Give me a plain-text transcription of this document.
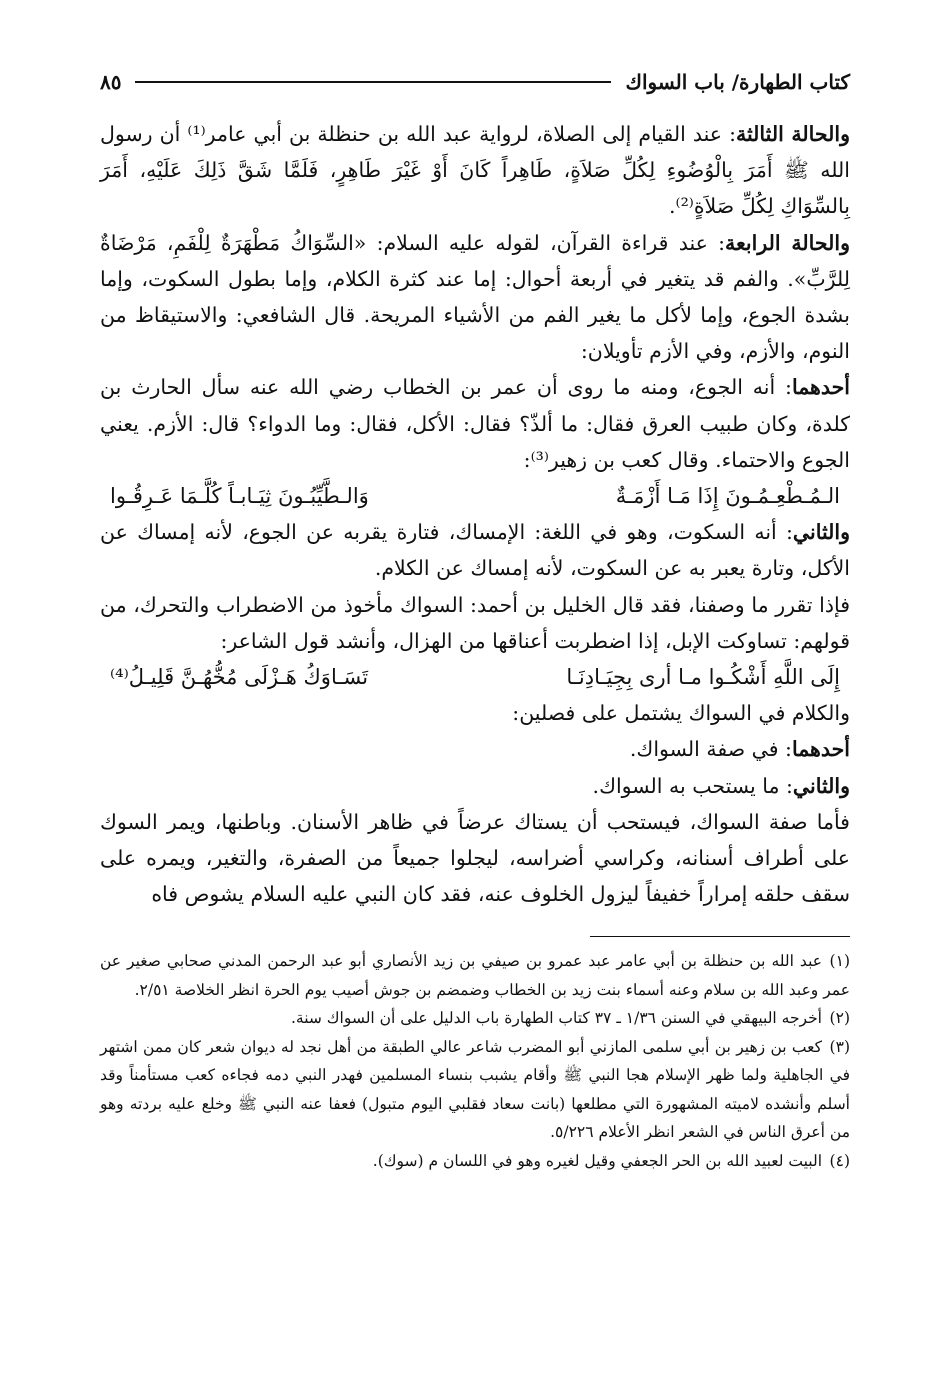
كتاب الطهارة/ باب السواك
٨٥

والحالة الثالثة: عند القيام إلى الصلاة، لرواية عبد الله بن حنظلة بن أبي عامر⁽¹⁾ أن رسول الله ﷺ أَمَرَ بِالْوُضُوءِ لِكُلِّ صَلاَةٍ، طَاهِراً كَانَ أَوْ غَيْرَ طَاهِرٍ، فَلَمَّا شَقَّ ذَلِكَ عَلَيْهِ، أَمَرَ بِالسِّوَاكِ لِكُلِّ صَلاَةٍ⁽²⁾.

والحالة الرابعة: عند قراءة القرآن، لقوله عليه السلام: «السِّوَاكُ مَطْهَرَةٌ لِلْفَمِ، مَرْضَاةٌ لِلرَّبِّ». والفم قد يتغير في أربعة أحوال: إما عند كثرة الكلام، وإما بطول السكوت، وإما بشدة الجوع، وإما لأكل ما يغير الفم من الأشياء المريحة. قال الشافعي: والاستيقاظ من النوم، والأزم، وفي الأزم تأويلان:

أحدهما: أنه الجوع، ومنه ما روى أن عمر بن الخطاب رضي الله عنه سأل الحارث بن كلدة، وكان طبيب العرق فقال: ما ألذّ؟ فقال: الأكل، فقال: وما الدواء؟ قال: الأزم. يعني الجوع والاحتماء. وقال كعب بن زهير⁽³⁾:

الـمُـطْعِـمُـونَ إِذَا مَـا أَزْمَـةٌ
وَالـطَّيِّبُـونَ ثِيَـابـاً كُلَّـمَا عَـرِقُـوا

والثاني: أنه السكوت، وهو في اللغة: الإمساك، فتارة يقربه عن الجوع، لأنه إمساك عن الأكل، وتارة يعبر به عن السكوت، لأنه إمساك عن الكلام.

فإذا تقرر ما وصفنا، فقد قال الخليل بن أحمد: السواك مأخوذ من الاضطراب والتحرك، من قولهم: تساوكت الإبل، إذا اضطربت أعناقها من الهزال، وأنشد قول الشاعر:

إِلَى اللَّهِ أَشْكُـوا مـا أرى بِجِيَـادِنَـا
تَسَـاوَكُ هَـزْلَى مُخُّهُـنَّ قَلِيـلُ⁽⁴⁾

والكلام في السواك يشتمل على فصلين:

أحدهما: في صفة السواك.

والثاني: ما يستحب به السواك.

فأما صفة السواك، فيستحب أن يستاك عرضاً في ظاهر الأسنان. وباطنها، ويمر السوك على أطراف أسنانه، وكراسي أضراسه، ليجلوا جميعاً من الصفرة، والتغير، ويمره على سقف حلقه إمراراً خفيفاً ليزول الخلوف عنه، فقد كان النبي عليه السلام يشوص فاه

(١)عبد الله بن حنظلة بن أبي عامر عبد عمرو بن صيفي بن زيد الأنصاري أبو عبد الرحمن المدني صحابي صغير عن عمر وعبد الله بن سلام وعنه أسماء بنت زيد بن الخطاب وضمضم بن جوش أصيب يوم الحرة انظر الخلاصة ٢/٥١.
(٢)أخرجه البيهقي في السنن ١/٣٦ ـ ٣٧ كتاب الطهارة باب الدليل على أن السواك سنة.
(٣)كعب بن زهير بن أبي سلمى المازني أبو المضرب شاعر عالي الطبقة من أهل نجد له ديوان شعر كان ممن اشتهر في الجاهلية ولما ظهر الإسلام هجا النبي ﷺ وأقام يشبب بنساء المسلمين فهدر النبي دمه فجاءه كعب مستأمناً وقد أسلم وأنشده لاميته المشهورة التي مطلعها (بانت سعاد فقلبي اليوم متبول) فعفا عنه النبي ﷺ وخلع عليه بردته وهو من أعرق الناس في الشعر انظر الأعلام ٥/٢٢٦.
(٤)البيت لعبيد الله بن الحر الجعفي وقيل لغيره وهو في اللسان م (سوك).
